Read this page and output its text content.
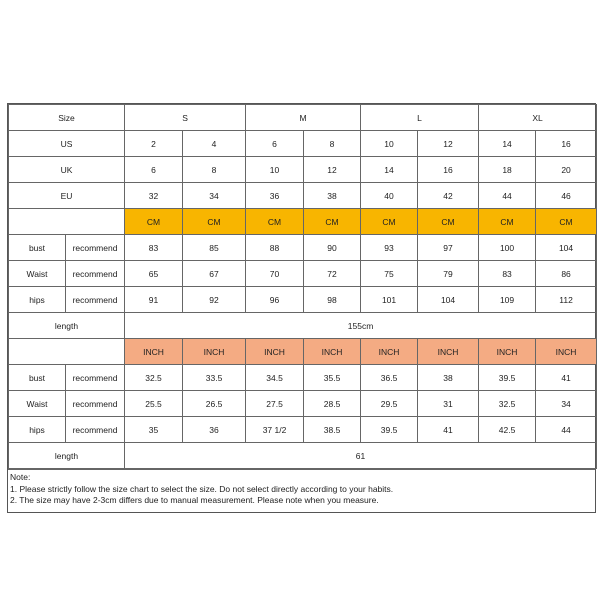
Size		S		M		L		XL	
US		2	4	6	8	10	12	14	16
UK		6	8	10	12	14	16	18	20
EU		32	34	36	38	40	42	44	46
		CM	CM	CM	CM	CM	CM	CM	CM
bust	recommend	83	85	88	90	93	97	100	104
Waist	recommend	65	67	70	72	75	79	83	86
hips	recommend	91	92	96	98	101	104	109	112
length		155cm							
		INCH	INCH	INCH	INCH	INCH	INCH	INCH	INCH
bust	recommend	32.5	33.5	34.5	35.5	36.5	38	39.5	41
Waist	recommend	25.5	26.5	27.5	28.5	29.5	31	32.5	34
hips	recommend	35	36	37 1/2	38.5	39.5	41	42.5	44
length		61							
Note:
1. Please strictly follow the size chart to select the size. Do not select directly according to your habits.
2. The size may have 2-3cm differs due to manual measurement. Please note when you measure.
